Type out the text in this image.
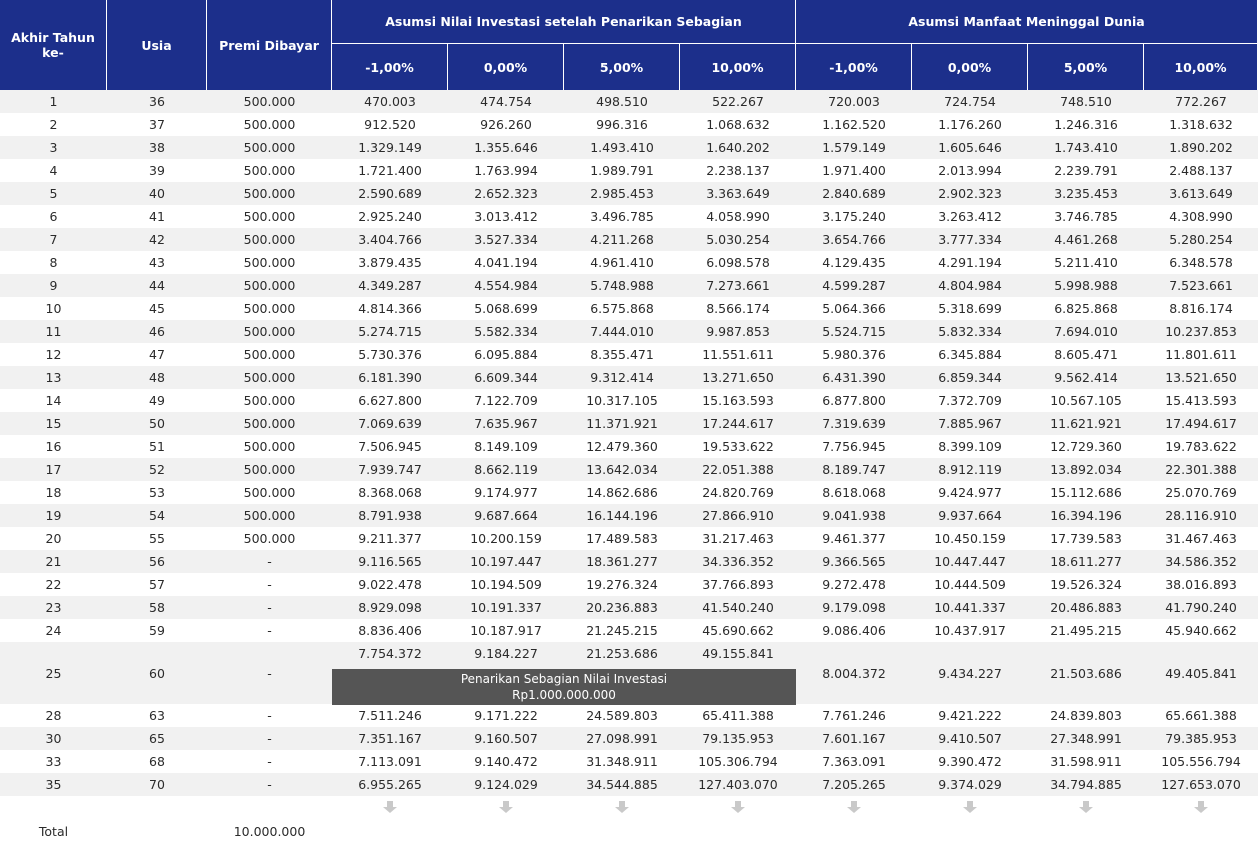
Akhir Tahun ke-	Usia	Premi Dibayar	Asumsi Nilai Investasi setelah Penarikan Sebagian				Asumsi Manfaat Meninggal Dunia			
			-1,00%	0,00%	5,00%	10,00%	-1,00%	0,00%	5,00%	10,00%
1	36	500.000	470.003	474.754	498.510	522.267	720.003	724.754	748.510	772.267
2	37	500.000	912.520	926.260	996.316	1.068.632	1.162.520	1.176.260	1.246.316	1.318.632
3	38	500.000	1.329.149	1.355.646	1.493.410	1.640.202	1.579.149	1.605.646	1.743.410	1.890.202
4	39	500.000	1.721.400	1.763.994	1.989.791	2.238.137	1.971.400	2.013.994	2.239.791	2.488.137
5	40	500.000	2.590.689	2.652.323	2.985.453	3.363.649	2.840.689	2.902.323	3.235.453	3.613.649
6	41	500.000	2.925.240	3.013.412	3.496.785	4.058.990	3.175.240	3.263.412	3.746.785	4.308.990
7	42	500.000	3.404.766	3.527.334	4.211.268	5.030.254	3.654.766	3.777.334	4.461.268	5.280.254
8	43	500.000	3.879.435	4.041.194	4.961.410	6.098.578	4.129.435	4.291.194	5.211.410	6.348.578
9	44	500.000	4.349.287	4.554.984	5.748.988	7.273.661	4.599.287	4.804.984	5.998.988	7.523.661
10	45	500.000	4.814.366	5.068.699	6.575.868	8.566.174	5.064.366	5.318.699	6.825.868	8.816.174
11	46	500.000	5.274.715	5.582.334	7.444.010	9.987.853	5.524.715	5.832.334	7.694.010	10.237.853
12	47	500.000	5.730.376	6.095.884	8.355.471	11.551.611	5.980.376	6.345.884	8.605.471	11.801.611
13	48	500.000	6.181.390	6.609.344	9.312.414	13.271.650	6.431.390	6.859.344	9.562.414	13.521.650
14	49	500.000	6.627.800	7.122.709	10.317.105	15.163.593	6.877.800	7.372.709	10.567.105	15.413.593
15	50	500.000	7.069.639	7.635.967	11.371.921	17.244.617	7.319.639	7.885.967	11.621.921	17.494.617
16	51	500.000	7.506.945	8.149.109	12.479.360	19.533.622	7.756.945	8.399.109	12.729.360	19.783.622
17	52	500.000	7.939.747	8.662.119	13.642.034	22.051.388	8.189.747	8.912.119	13.892.034	22.301.388
18	53	500.000	8.368.068	9.174.977	14.862.686	24.820.769	8.618.068	9.424.977	15.112.686	25.070.769
19	54	500.000	8.791.938	9.687.664	16.144.196	27.866.910	9.041.938	9.937.664	16.394.196	28.116.910
20	55	500.000	9.211.377	10.200.159	17.489.583	31.217.463	9.461.377	10.450.159	17.739.583	31.467.463
21	56	-	9.116.565	10.197.447	18.361.277	34.336.352	9.366.565	10.447.447	18.611.277	34.586.352
22	57	-	9.022.478	10.194.509	19.276.324	37.766.893	9.272.478	10.444.509	19.526.324	38.016.893
23	58	-	8.929.098	10.191.337	20.236.883	41.540.240	9.179.098	10.441.337	20.486.883	41.790.240
24	59	-	8.836.406	10.187.917	21.245.215	45.690.662	9.086.406	10.437.917	21.495.215	45.940.662
25	60	-	7.754.372	9.184.227	21.253.686	49.155.841	8.004.372	9.434.227	21.503.686	49.405.841
28	63	-	7.511.246	9.171.222	24.589.803	65.411.388	7.761.246	9.421.222	24.839.803	65.661.388
30	65	-	7.351.167	9.160.507	27.098.991	79.135.953	7.601.167	9.410.507	27.348.991	79.385.953
33	68	-	7.113.091	9.140.472	31.348.911	105.306.794	7.363.091	9.390.472	31.598.911	105.556.794
35	70	-	6.955.265	9.124.029	34.544.885	127.403.070	7.205.265	9.374.029	34.794.885	127.653.070

Total		10.000.000								
Penarikan Sebagian Nilai Investasi
Rp1.000.000.000
